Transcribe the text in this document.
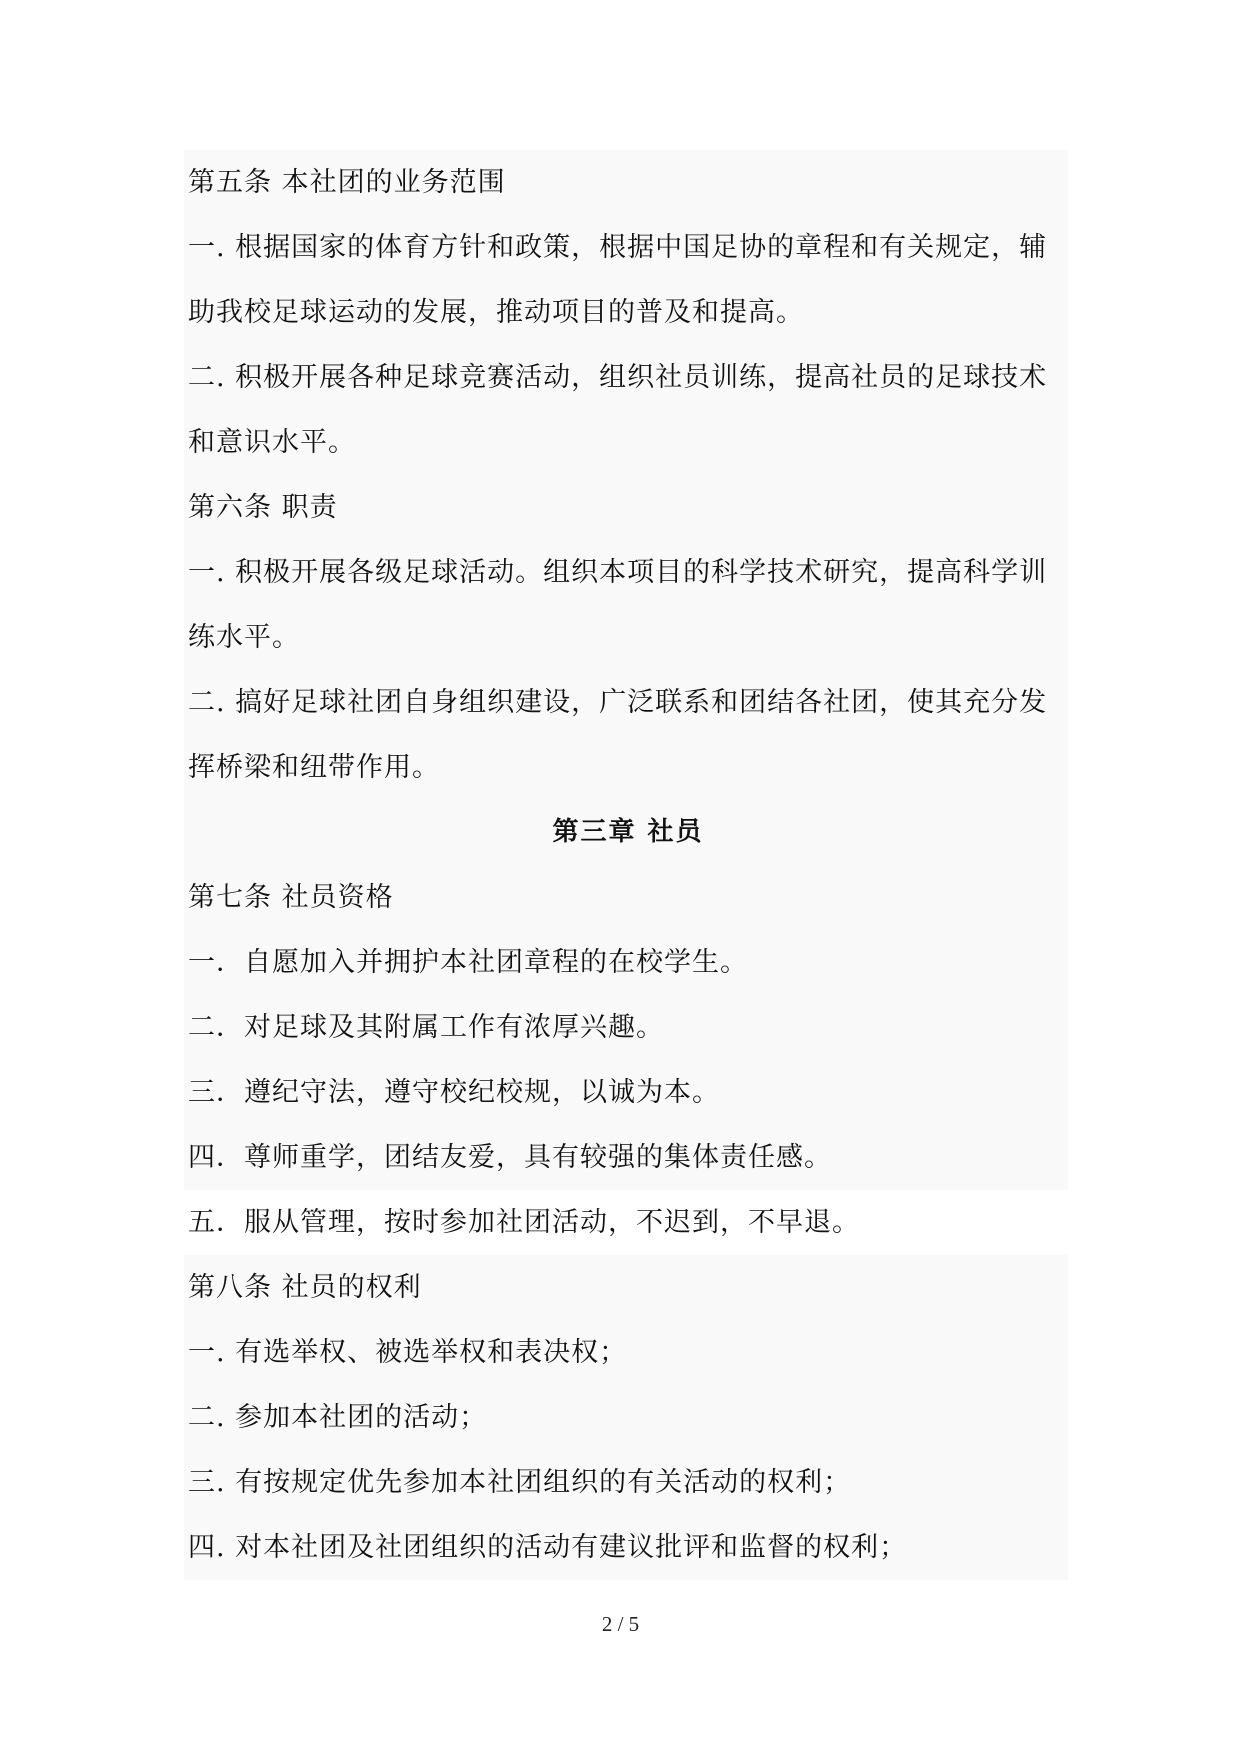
第五条 本社团的业务范围
一. 根据国家的体育方针和政策，根据中国足协的章程和有关规定，辅
助我校足球运动的发展，推动项目的普及和提高。
二. 积极开展各种足球竞赛活动，组织社员训练，提高社员的足球技术
和意识水平。
第六条 职责
一. 积极开展各级足球活动。组织本项目的科学技术研究，提高科学训
练水平。
二. 搞好足球社团自身组织建设，广泛联系和团结各社团，使其充分发
挥桥梁和纽带作用。
第三章 社员
第七条 社员资格
一．自愿加入并拥护本社团章程的在校学生。
二．对足球及其附属工作有浓厚兴趣。
三．遵纪守法，遵守校纪校规，以诚为本。
四．尊师重学，团结友爱，具有较强的集体责任感。
五．服从管理，按时参加社团活动，不迟到，不早退。
第八条 社员的权利
一. 有选举权、被选举权和表决权；
二. 参加本社团的活动；
三. 有按规定优先参加本社团组织的有关活动的权利；
四. 对本社团及社团组织的活动有建议批评和监督的权利；
2 / 5
